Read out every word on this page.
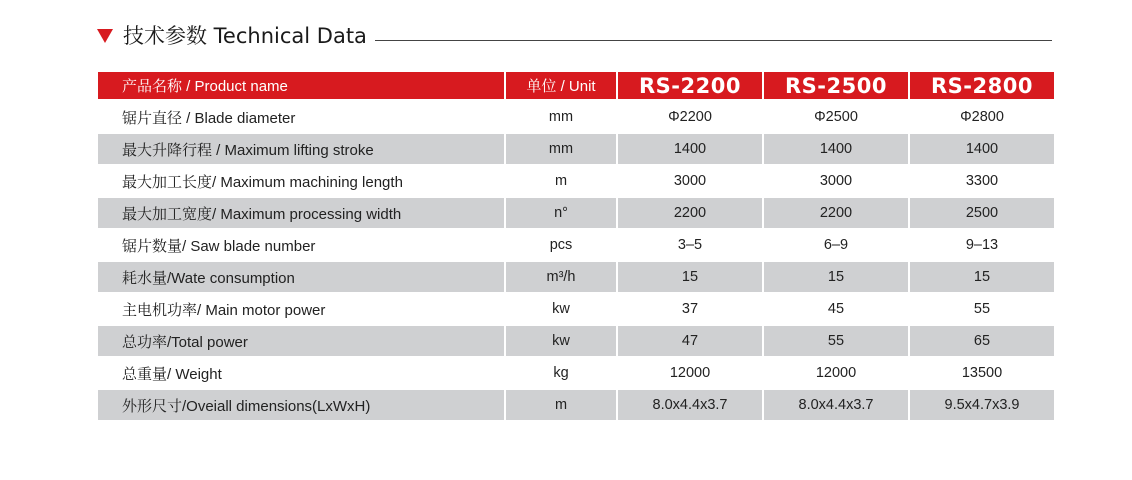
技术参数 Technical Data
产品名称 / Product name	单位 / Unit	RS-2200	RS-2500	RS-2800
锯片直径 / Blade diameter	mm	Φ2200	Φ2500	Φ2800
最大升降行程 / Maximum lifting stroke	mm	1400	1400	1400
最大加工长度/ Maximum machining length	m	3000	3000	3300
最大加工宽度/ Maximum processing width	n°	2200	2200	2500
锯片数量/ Saw blade number	pcs	3–5	6–9	9–13
耗水量/Wate consumption	m³/h	15	15	15
主电机功率/ Main motor power	kw	37	45	55
总功率/Total power	kw	47	55	65
总重量/ Weight	kg	12000	12000	13500
外形尺寸/Oveiall dimensions(LxWxH)	m	8.0x4.4x3.7	8.0x4.4x3.7	9.5x4.7x3.9
